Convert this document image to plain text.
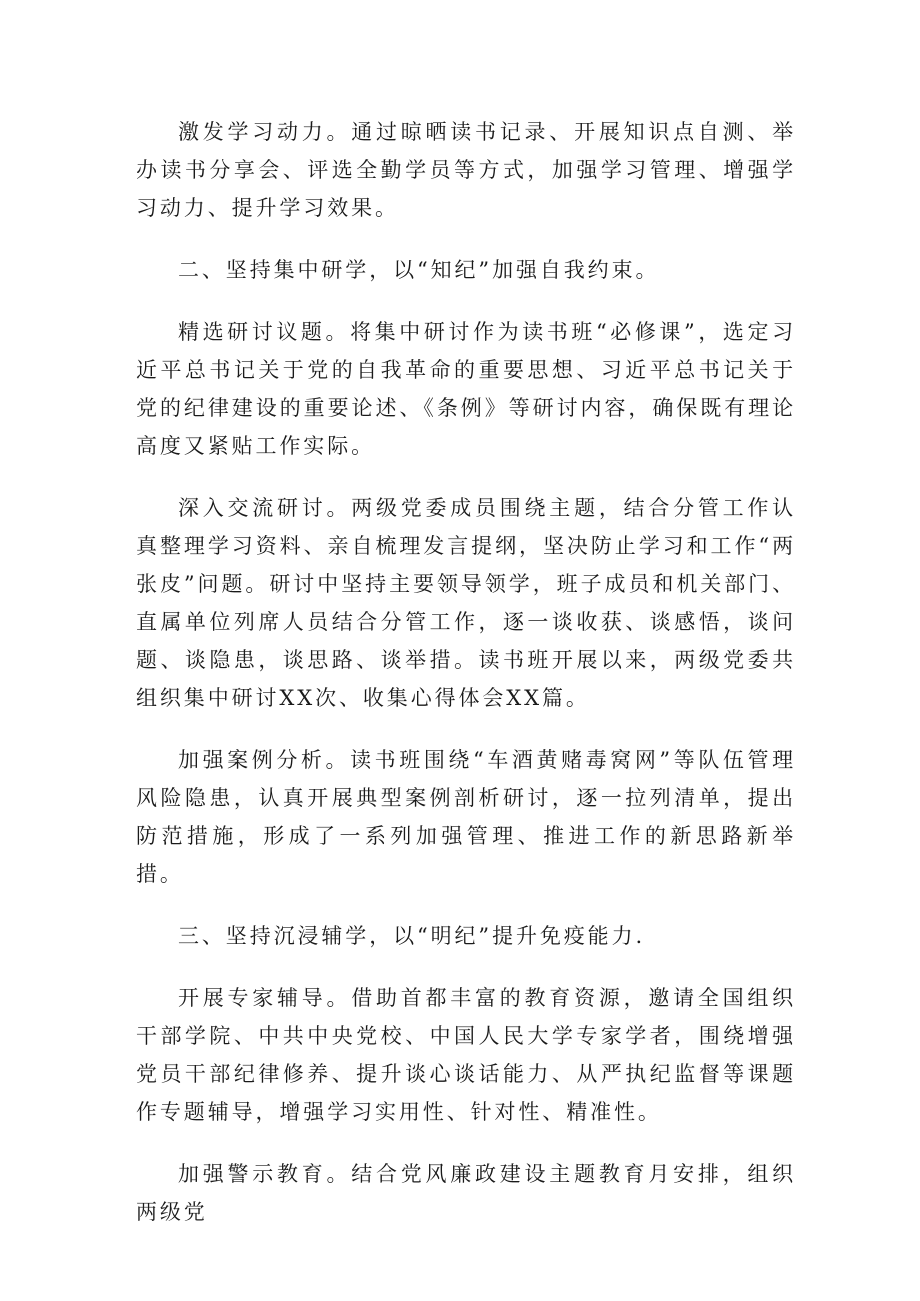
激发学习动力。通过晾晒读书记录、开展知识点自测、举办读书分享会、评选全勤学员等方式，加强学习管理、增强学习动力、提升学习效果。

二、坚持集中研学，以“知纪”加强自我约束。

精选研讨议题。将集中研讨作为读书班“必修课”，选定习近平总书记关于党的自我革命的重要思想、习近平总书记关于党的纪律建设的重要论述、《条例》等研讨内容，确保既有理论高度又紧贴工作实际。

深入交流研讨。两级党委成员围绕主题，结合分管工作认真整理学习资料、亲自梳理发言提纲，坚决防止学习和工作“两张皮”问题。研讨中坚持主要领导领学，班子成员和机关部门、直属单位列席人员结合分管工作，逐一谈收获、谈感悟，谈问题、谈隐患，谈思路、谈举措。读书班开展以来，两级党委共组织集中研讨XX次、收集心得体会XX篇。

加强案例分析。读书班围绕“车酒黄赌毒窝网”等队伍管理风险隐患，认真开展典型案例剖析研讨，逐一拉列清单，提出防范措施，形成了一系列加强管理、推进工作的新思路新举措。

三、坚持沉浸辅学，以“明纪”提升免疫能力.

开展专家辅导。借助首都丰富的教育资源，邀请全国组织干部学院、中共中央党校、中国人民大学专家学者，围绕增强党员干部纪律修养、提升谈心谈话能力、从严执纪监督等课题作专题辅导，增强学习实用性、针对性、精准性。

加强警示教育。结合党风廉政建设主题教育月安排，组织两级党
